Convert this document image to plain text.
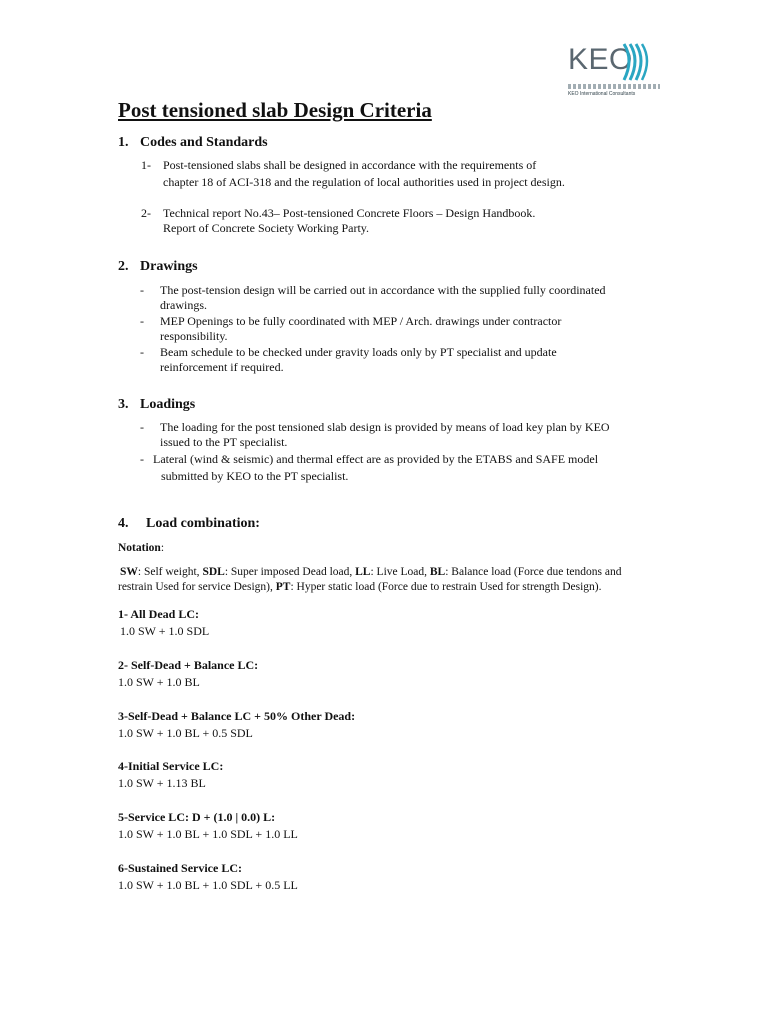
KEO
KEO International Consultants
Post tensioned slab Design Criteria
1. Codes and Standards

1- Post-tensioned slabs shall be designed in accordance with the requirements of

chapter 18 of ACI-318 and the regulation of local authorities used in project design.

2- Technical report No.43– Post-tensioned Concrete Floors – Design Handbook.

Report of Concrete Society Working Party.

2. Drawings

- The post-tension design will be carried out in accordance with the supplied fully coordinated

drawings.

- MEP Openings to be fully coordinated with MEP / Arch. drawings under contractor

responsibility.

- Beam schedule to be checked under gravity loads only by PT specialist and update

reinforcement if required.

3. Loadings

- The loading for the post tensioned slab design is provided by means of load key plan by KEO

issued to the PT specialist.

- Lateral (wind & seismic) and thermal effect are as provided by the ETABS and SAFE model

submitted by KEO to the PT specialist.

4. Load combination:

Notation:

SW: Self weight, SDL: Super imposed Dead load, LL: Live Load, BL: Balance load (Force due tendons and

restrain Used for service Design), PT: Hyper static load (Force due to restrain Used for strength Design).

1- All Dead LC:

1.0 SW + 1.0 SDL

2- Self-Dead + Balance LC:

1.0 SW + 1.0 BL

3-Self-Dead + Balance LC + 50% Other Dead:

1.0 SW + 1.0 BL + 0.5 SDL

4-Initial Service LC:

1.0 SW + 1.13 BL

5-Service LC: D + (1.0 | 0.0) L:

1.0 SW + 1.0 BL + 1.0 SDL + 1.0 LL

6-Sustained Service LC:

1.0 SW + 1.0 BL + 1.0 SDL + 0.5 LL
